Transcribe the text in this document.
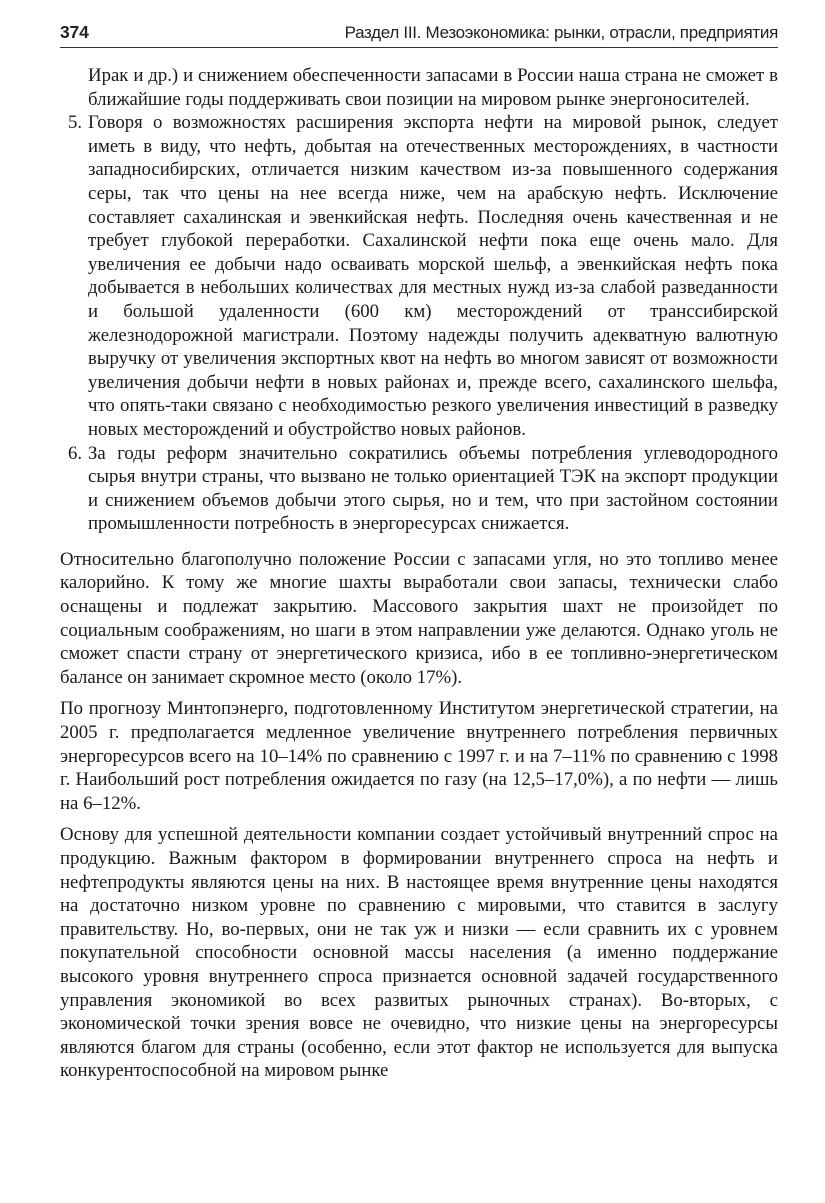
374	Раздел III. Мезоэкономика: рынки, отрасли, предприятия

Ирак и др.) и снижением обеспеченности запасами в России наша страна не сможет в ближайшие годы поддерживать свои позиции на мировом рынке энергоносителей.

5. Говоря о возможностях расширения экспорта нефти на мировой рынок, следует иметь в виду, что нефть, добытая на отечественных месторождениях, в частности западносибирских, отличается низким качеством из-за повышенного содержания серы, так что цены на нее всегда ниже, чем на арабскую нефть. Исключение составляет сахалинская и эвенкийская нефть. Последняя очень качественная и не требует глубокой переработки. Сахалинской нефти пока еще очень мало. Для увеличения ее добычи надо осваивать морской шельф, а эвенкийская нефть пока добывается в небольших количествах для местных нужд из-за слабой разведанности и большой удаленности (600 км) месторождений от транссибирской железнодорожной магистрали. Поэтому надежды получить адекватную валютную выручку от увеличения экспортных квот на нефть во многом зависят от возможности увеличения добычи нефти в новых районах и, прежде всего, сахалинского шельфа, что опять-таки связано с необходимостью резкого увеличения инвестиций в разведку новых месторождений и обустройство новых районов.
6. За годы реформ значительно сократились объемы потребления углеводородного сырья внутри страны, что вызвано не только ориентацией ТЭК на экспорт продукции и снижением объемов добычи этого сырья, но и тем, что при застойном состоянии промышленности потребность в энергоресурсах снижается.

Относительно благополучно положение России с запасами угля, но это топливо менее калорийно. К тому же многие шахты выработали свои запасы, технически слабо оснащены и подлежат закрытию. Массового закрытия шахт не произойдет по социальным соображениям, но шаги в этом направлении уже делаются. Однако уголь не сможет спасти страну от энергетического кризиса, ибо в ее топливно-энергетическом балансе он занимает скромное место (около 17%).

По прогнозу Минтопэнерго, подготовленному Институтом энергетической стратегии, на 2005 г. предполагается медленное увеличение внутреннего потребления первичных энергоресурсов всего на 10–14% по сравнению с 1997 г. и на 7–11% по сравнению с 1998 г. Наибольший рост потребления ожидается по газу (на 12,5–17,0%), а по нефти — лишь на 6–12%.

Основу для успешной деятельности компании создает устойчивый внутренний спрос на продукцию. Важным фактором в формировании внутреннего спроса на нефть и нефтепродукты являются цены на них. В настоящее время внутренние цены находятся на достаточно низком уровне по сравнению с мировыми, что ставится в заслугу правительству. Но, во-первых, они не так уж и низки — если сравнить их с уровнем покупательной способности основной массы населения (а именно поддержание высокого уровня внутреннего спроса признается основной задачей государственного управления экономикой во всех развитых рыночных странах). Во-вторых, с экономической точки зрения вовсе не очевидно, что низкие цены на энергоресурсы являются благом для страны (особенно, если этот фактор не используется для выпуска конкурентоспособной на мировом рынке
